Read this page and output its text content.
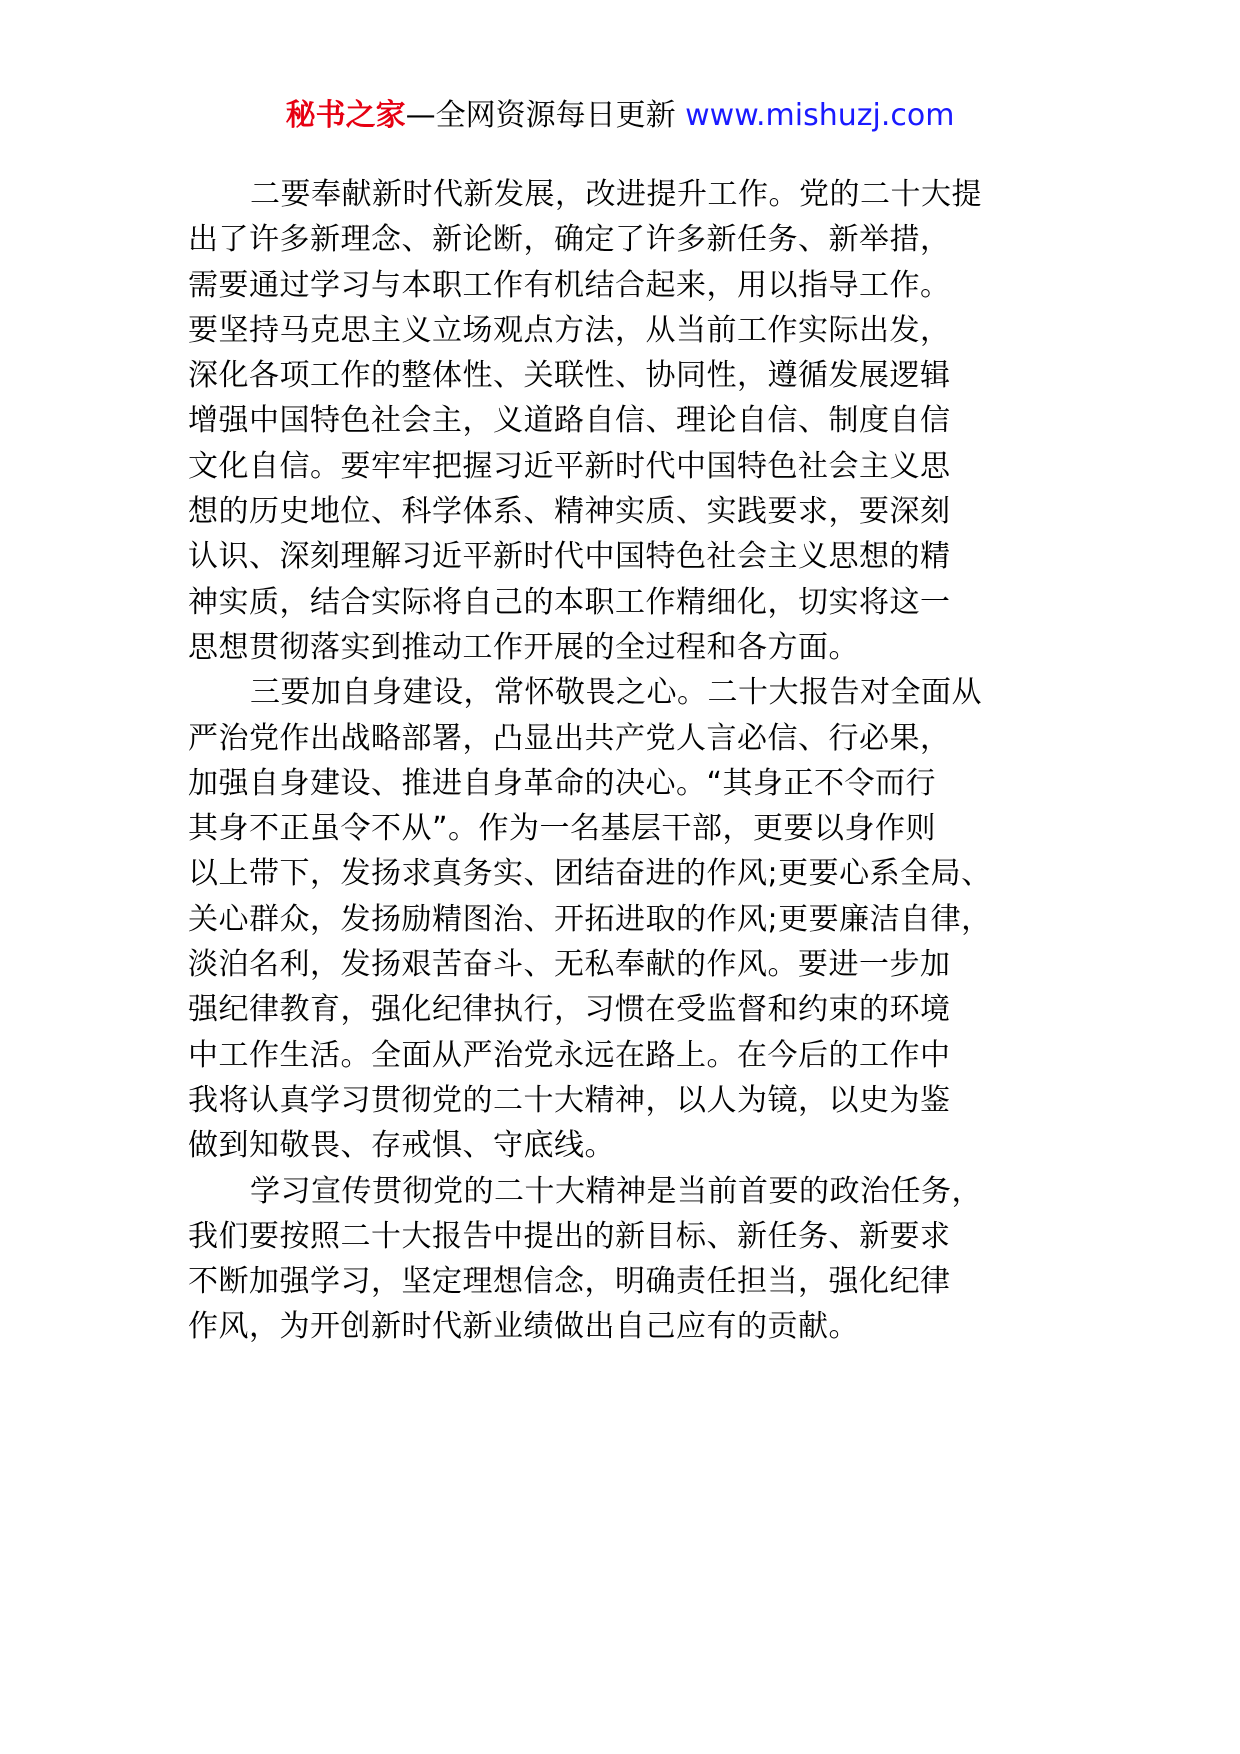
秘书之家—全网资源每日更新 www.mishuzj.com

二要奉献新时代新发展，改进提升工作。党的二十大提
出了许多新理念、新论断，确定了许多新任务、新举措，
需要通过学习与本职工作有机结合起来，用以指导工作。
要坚持马克思主义立场观点方法，从当前工作实际出发，
深化各项工作的整体性、关联性、协同性，遵循发展逻辑
增强中国特色社会主，义道路自信、理论自信、制度自信
文化自信。要牢牢把握习近平新时代中国特色社会主义思
想的历史地位、科学体系、精神实质、实践要求，要深刻
认识、深刻理解习近平新时代中国特色社会主义思想的精
神实质，结合实际将自己的本职工作精细化，切实将这一
思想贯彻落实到推动工作开展的全过程和各方面。

三要加自身建设，常怀敬畏之心。二十大报告对全面从
严治党作出战略部署，凸显出共产党人言必信、行必果，
加强自身建设、推进自身革命的决心。“其身正不令而行
其身不正虽令不从”。作为一名基层干部，更要以身作则
以上带下，发扬求真务实、团结奋进的作风;更要心系全局、
关心群众，发扬励精图治、开拓进取的作风;更要廉洁自律，
淡泊名利，发扬艰苦奋斗、无私奉献的作风。要进一步加
强纪律教育，强化纪律执行，习惯在受监督和约束的环境
中工作生活。全面从严治党永远在路上。在今后的工作中
我将认真学习贯彻党的二十大精神，以人为镜，以史为鉴
做到知敬畏、存戒惧、守底线。

学习宣传贯彻党的二十大精神是当前首要的政治任务，
我们要按照二十大报告中提出的新目标、新任务、新要求
不断加强学习，坚定理想信念，明确责任担当，强化纪律
作风，为开创新时代新业绩做出自己应有的贡献。
